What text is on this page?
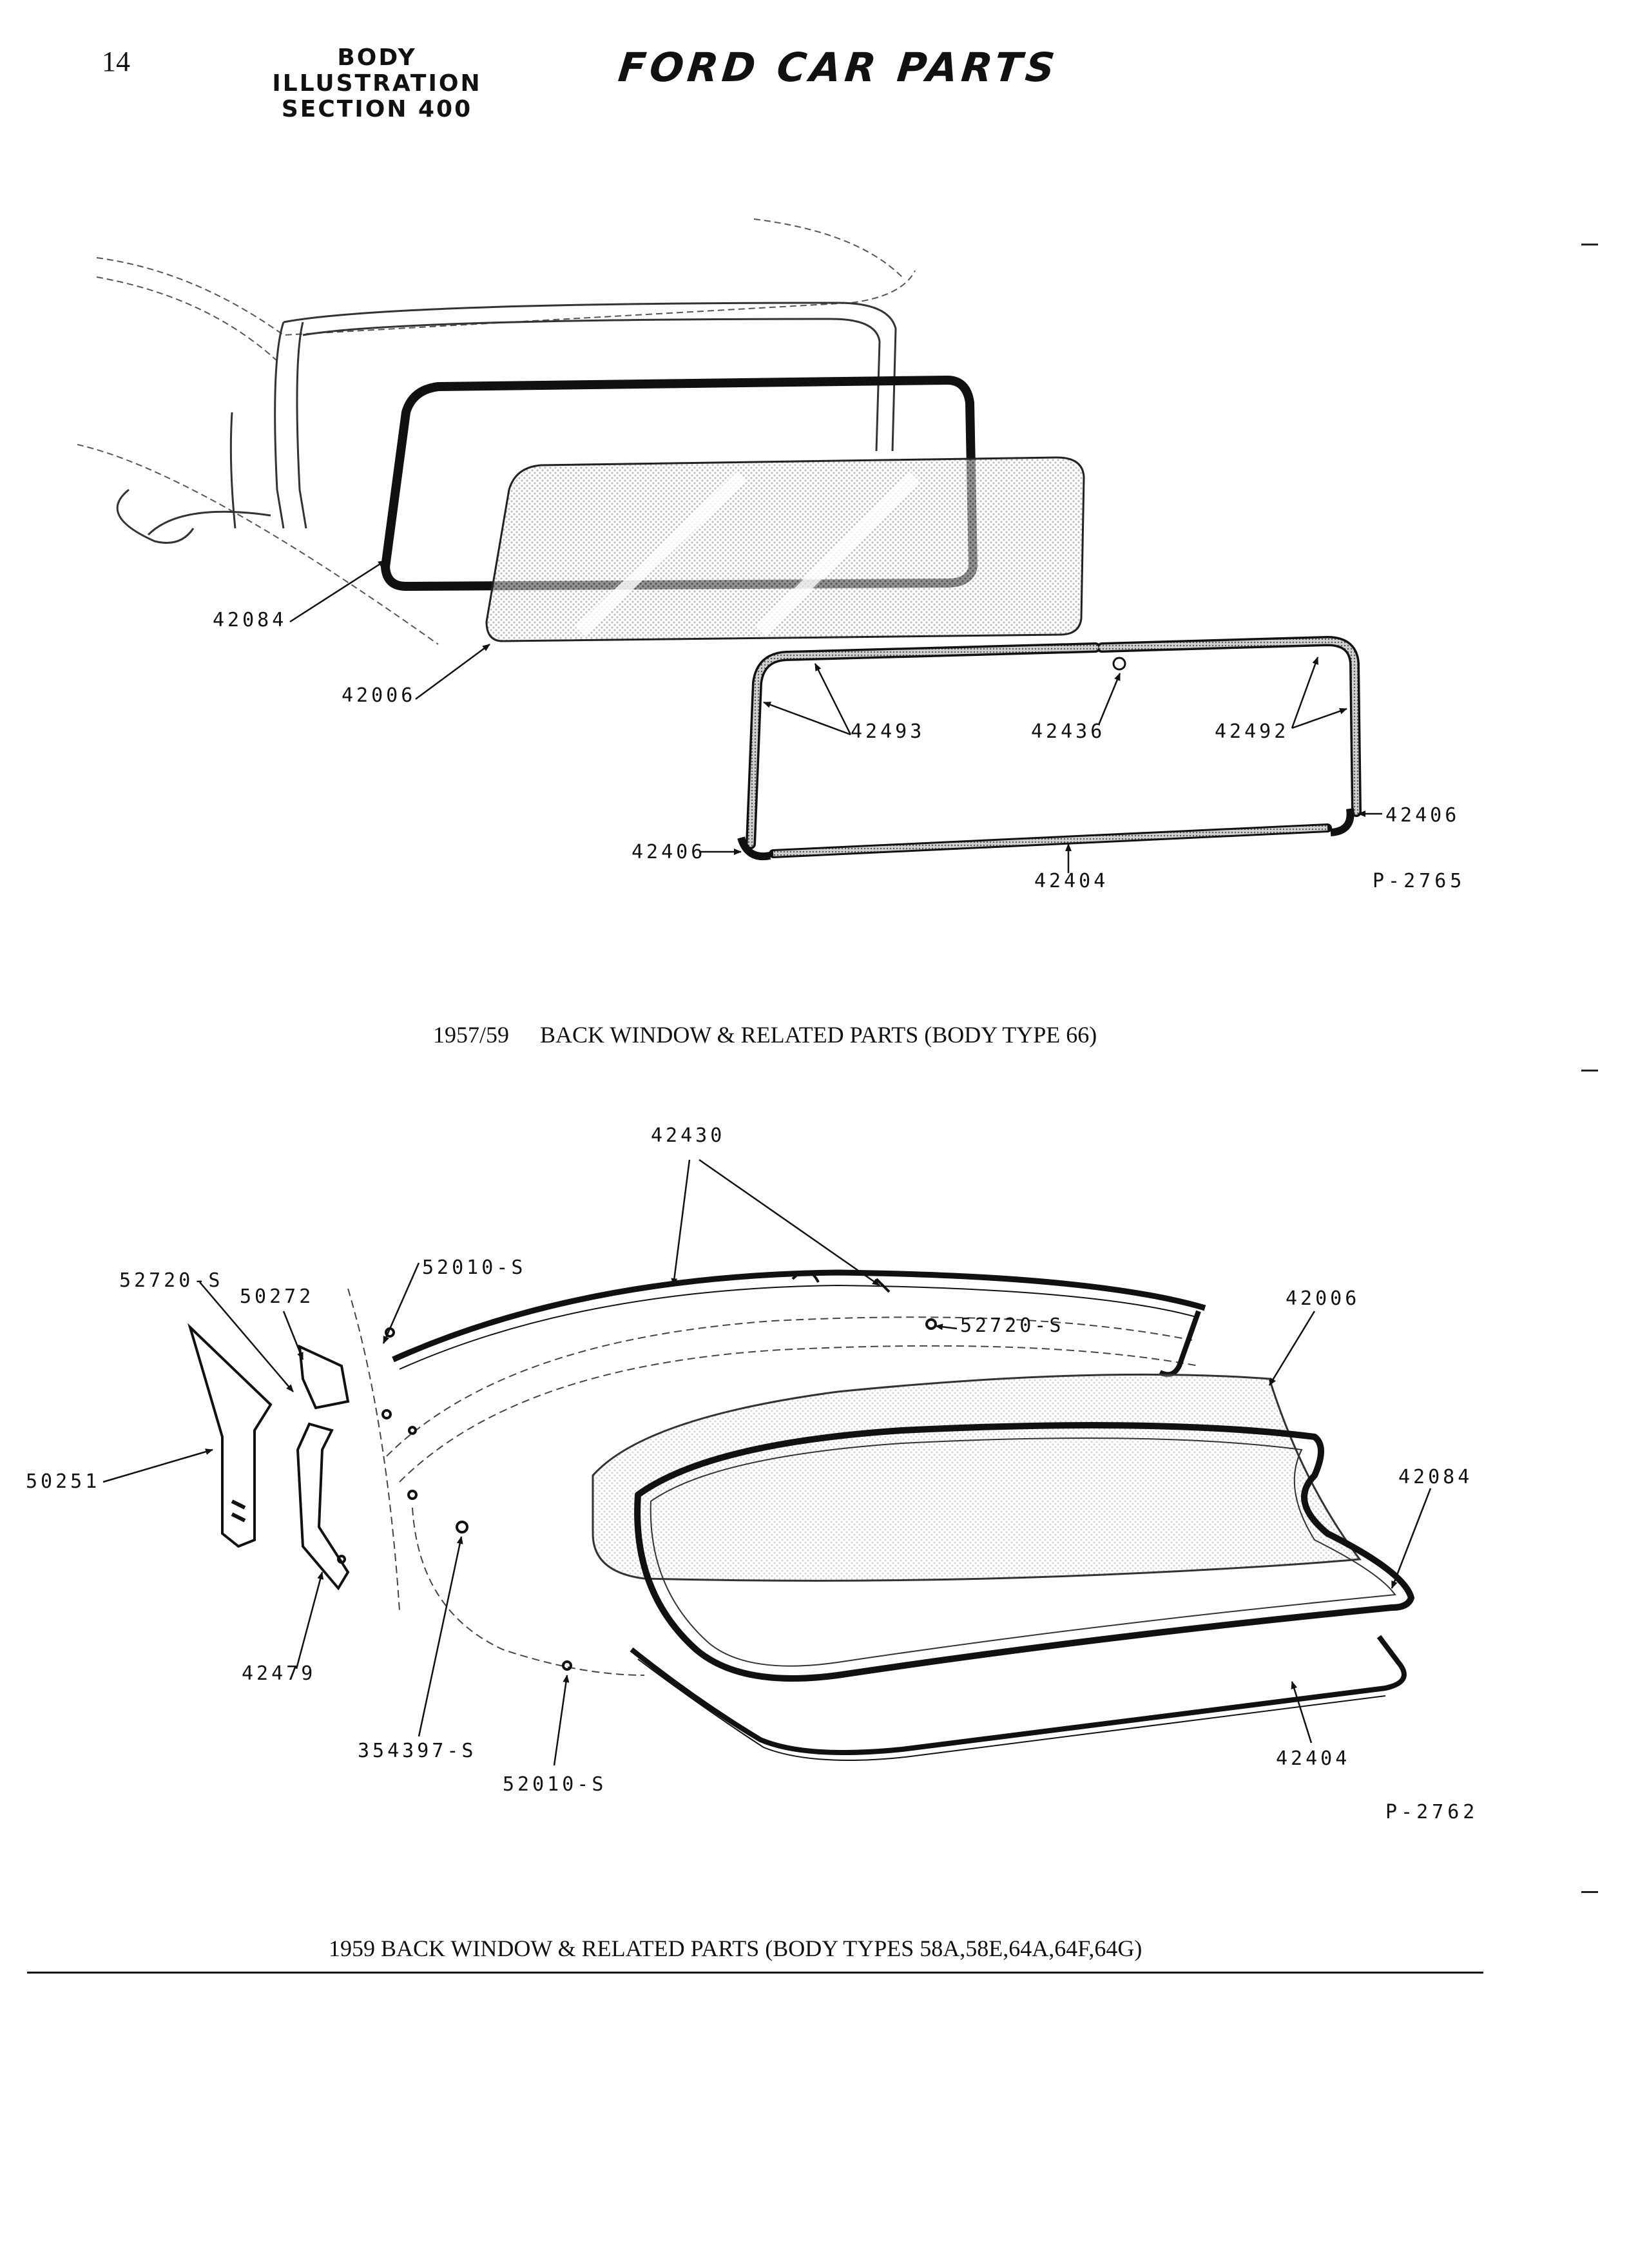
14	BODY ILLUSTRATION
SECTION 400
FORD CAR PARTS
42084
42006
42493	42436	42492
42406
42406
42404	P-2765
1957/59 BACK WINDOW & RELATED PARTS (BODY TYPE 66)
42430
52720-S
50272
52010-S
52720-S
42006
50251	42084
42479
354397-S	42404
52010-S
P-2762
1959 BACK WINDOW & RELATED PARTS (BODY TYPES 58A,58E,64A,64F,64G)
